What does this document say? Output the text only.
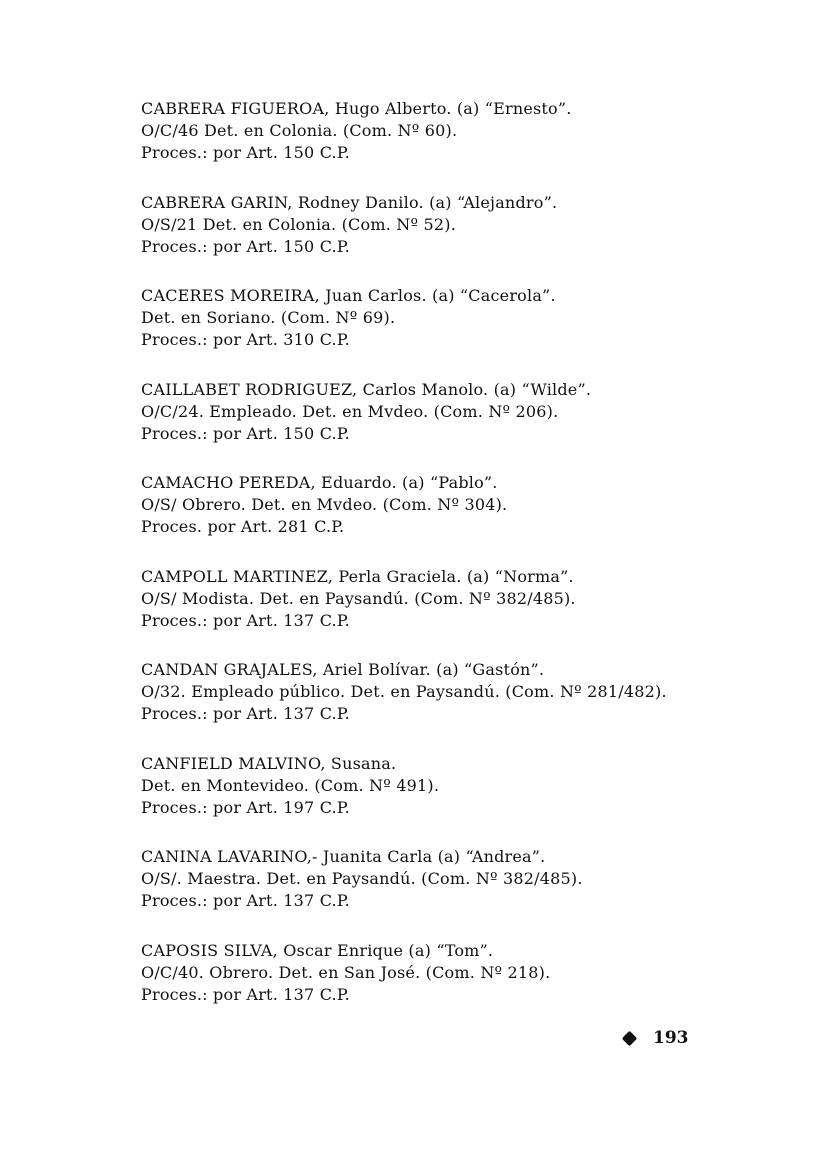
CABRERA FIGUEROA, Hugo Alberto. (a) “Ernesto”.
O/C/46 Det. en Colonia. (Com. Nº 60).
Proces.: por Art. 150 C.P.
CABRERA GARIN, Rodney Danilo. (a) “Alejandro”.
O/S/21 Det. en Colonia. (Com. Nº 52).
Proces.: por Art. 150 C.P.
CACERES MOREIRA, Juan Carlos. (a) “Cacerola”.
Det. en Soriano. (Com. Nº 69).
Proces.: por Art. 310 C.P.
CAILLABET RODRIGUEZ, Carlos Manolo. (a) “Wilde”.
O/C/24. Empleado. Det. en Mvdeo. (Com. Nº 206).
Proces.: por Art. 150 C.P.
CAMACHO PEREDA, Eduardo. (a) “Pablo”.
O/S/ Obrero. Det. en Mvdeo. (Com. Nº 304).
Proces. por Art. 281 C.P.
CAMPOLL MARTINEZ, Perla Graciela. (a) “Norma”.
O/S/ Modista. Det. en Paysandú. (Com. Nº 382/485).
Proces.: por Art. 137 C.P.
CANDAN GRAJALES, Ariel Bolívar. (a) “Gastón”.
O/32. Empleado público. Det. en Paysandú. (Com. Nº 281/482).
Proces.: por Art. 137 C.P.
CANFIELD MALVINO, Susana.
Det. en Montevideo. (Com. Nº 491).
Proces.: por Art. 197 C.P.
CANINA LAVARINO,- Juanita Carla (a) “Andrea”.
O/S/. Maestra. Det. en Paysandú. (Com. Nº 382/485).
Proces.: por Art. 137 C.P.
CAPOSIS SILVA, Oscar Enrique (a) “Tom”.
O/C/40. Obrero. Det. en San José. (Com. Nº 218).
Proces.: por Art. 137 C.P.
193
